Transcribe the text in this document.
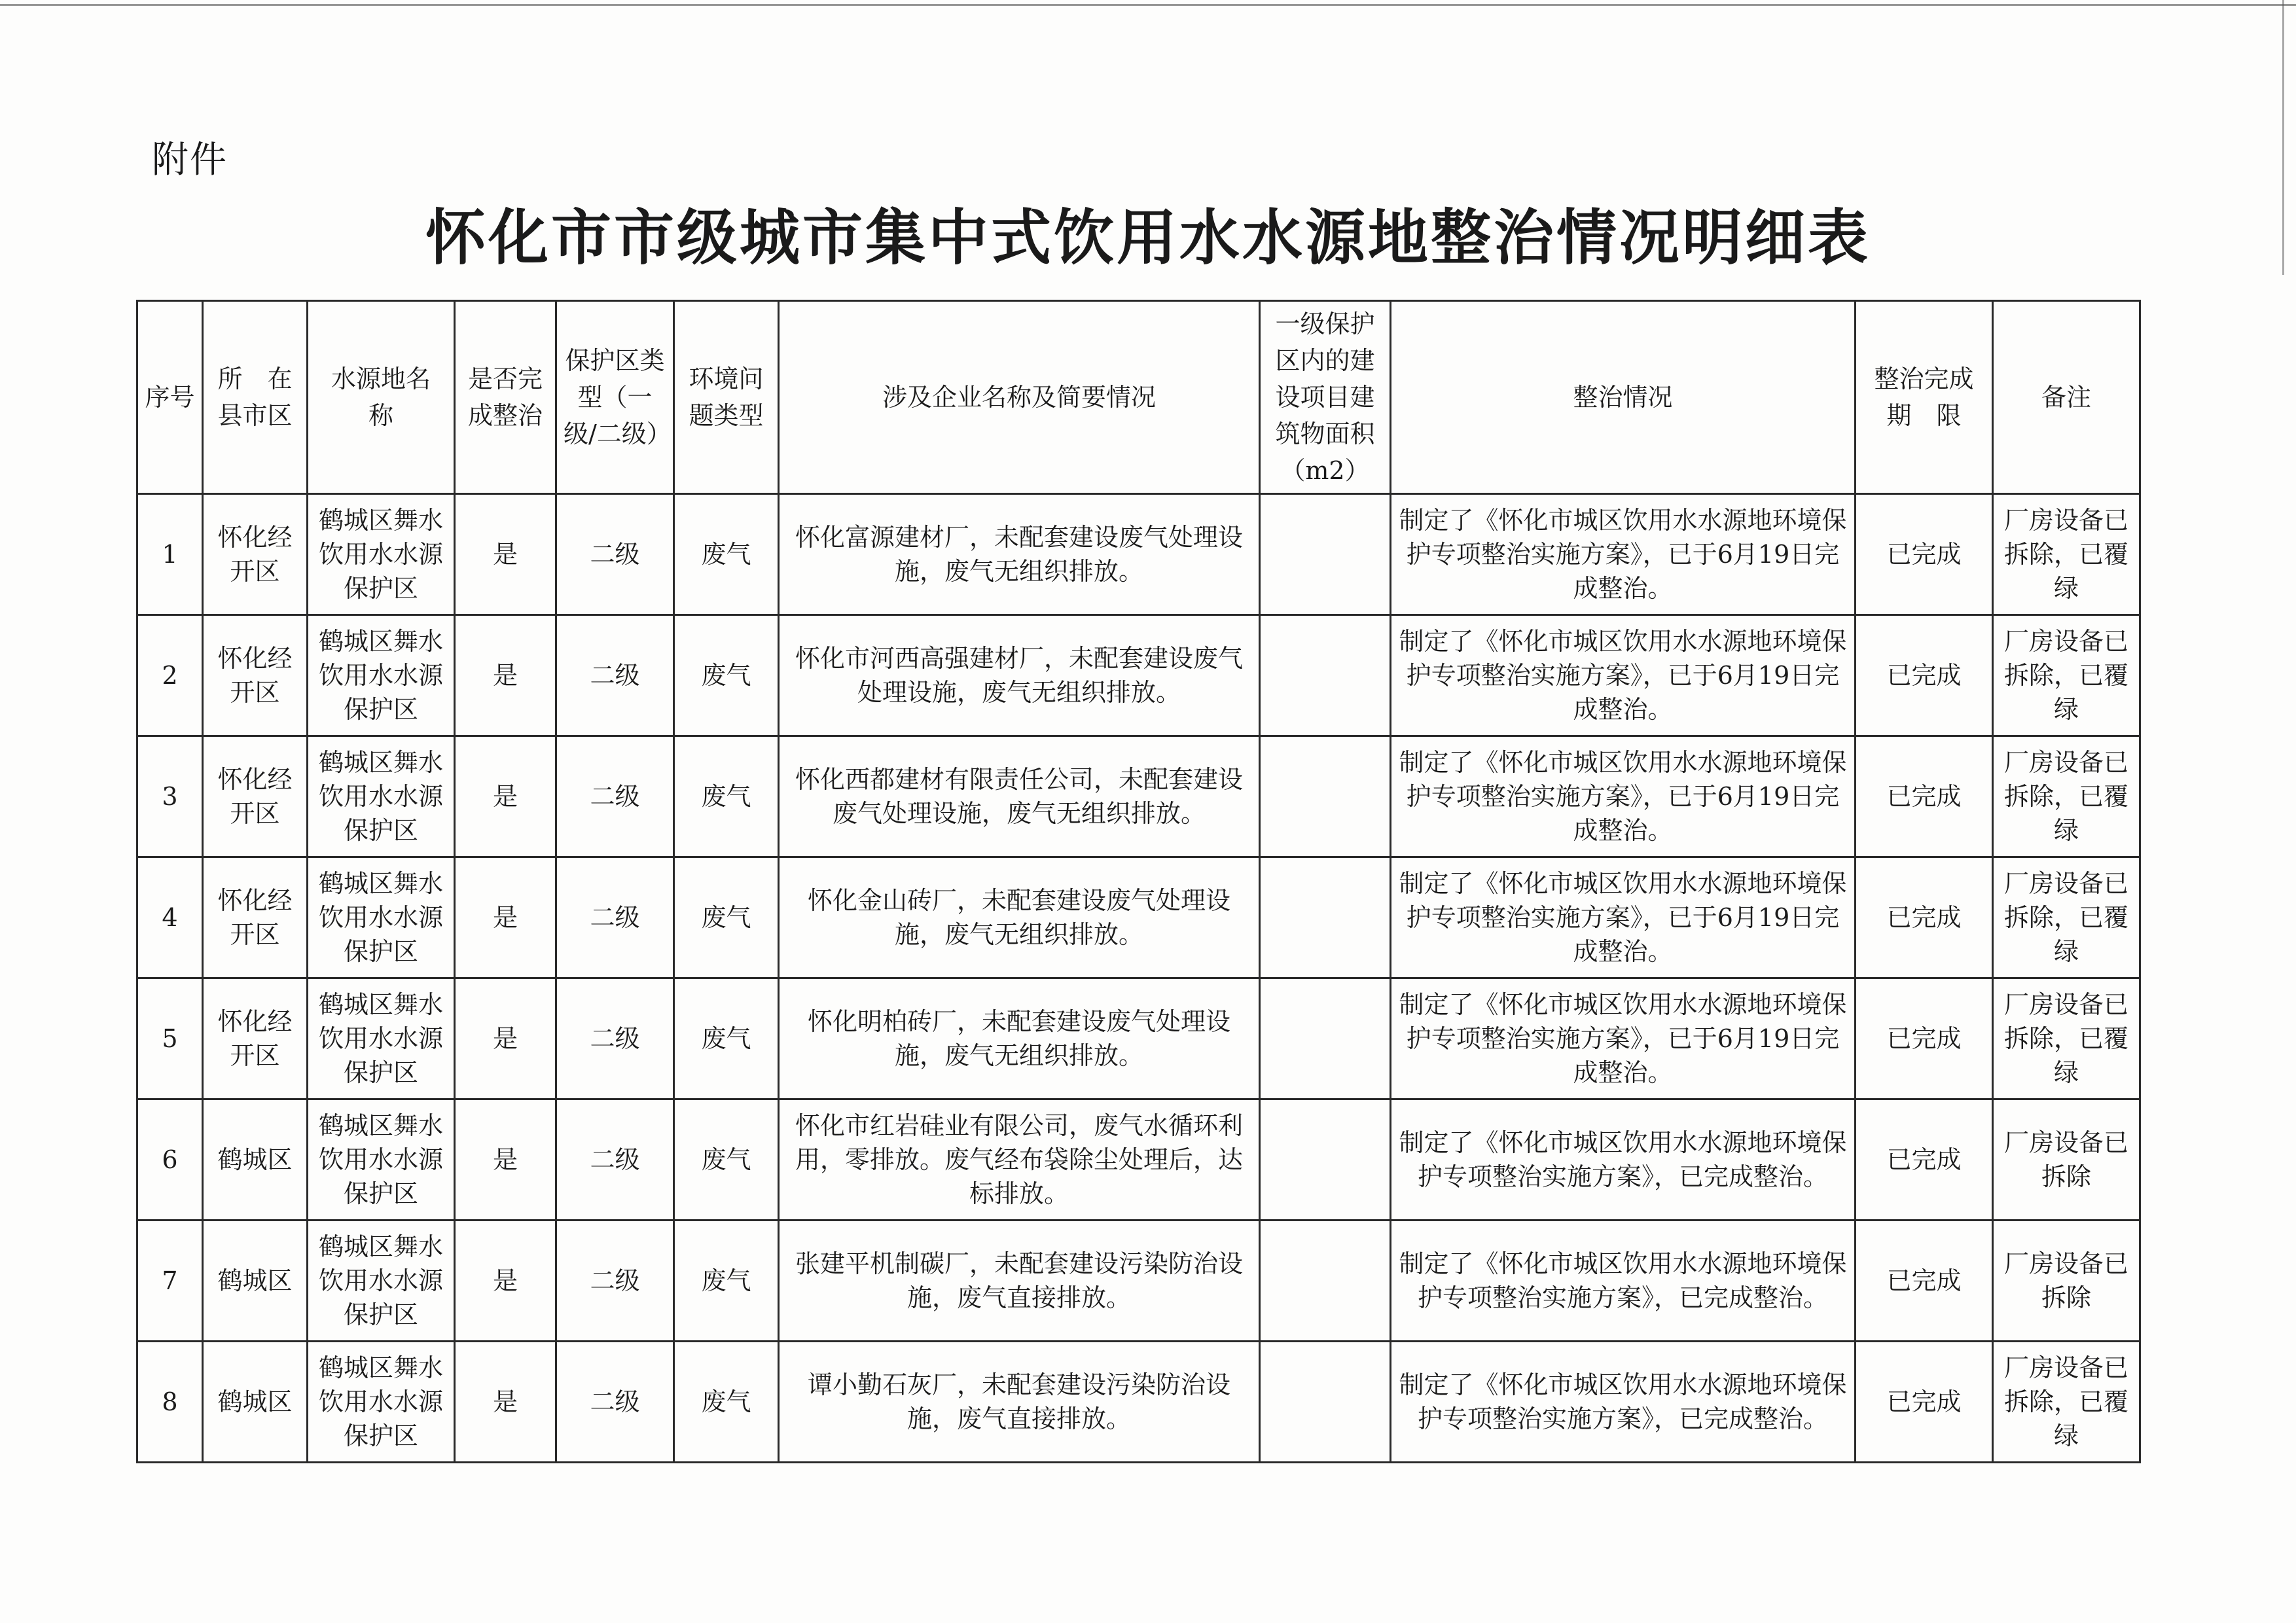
附件
怀化市市级城市集中式饮用水水源地整治情况明细表
序号	所　在县市区	水源地名　称	是否完成整治	保护区类型（一级/二级）	环境问题类型	涉及企业名称及简要情况	一级保护区内的建设项目建筑物面积（m2）	整治情况	整治完成期　限	备注
1	怀化经开区	鹤城区舞水饮用水水源保护区	是	二级	废气	怀化富源建材厂，未配套建设废气处理设施，废气无组织排放。		制定了《怀化市城区饮用水水源地环境保护专项整治实施方案》，已于6月19日完成整治。	已完成	厂房设备已拆除，已覆绿
2	怀化经开区	鹤城区舞水饮用水水源保护区	是	二级	废气	怀化市河西高强建材厂，未配套建设废气处理设施，废气无组织排放。		制定了《怀化市城区饮用水水源地环境保护专项整治实施方案》，已于6月19日完成整治。	已完成	厂房设备已拆除，已覆绿
3	怀化经开区	鹤城区舞水饮用水水源保护区	是	二级	废气	怀化西都建材有限责任公司，未配套建设废气处理设施，废气无组织排放。		制定了《怀化市城区饮用水水源地环境保护专项整治实施方案》，已于6月19日完成整治。	已完成	厂房设备已拆除，已覆绿
4	怀化经开区	鹤城区舞水饮用水水源保护区	是	二级	废气	怀化金山砖厂，未配套建设废气处理设施，废气无组织排放。		制定了《怀化市城区饮用水水源地环境保护专项整治实施方案》，已于6月19日完成整治。	已完成	厂房设备已拆除，已覆绿
5	怀化经开区	鹤城区舞水饮用水水源保护区	是	二级	废气	怀化明柏砖厂，未配套建设废气处理设施，废气无组织排放。		制定了《怀化市城区饮用水水源地环境保护专项整治实施方案》，已于6月19日完成整治。	已完成	厂房设备已拆除，已覆绿
6	鹤城区	鹤城区舞水饮用水水源保护区	是	二级	废气	怀化市红岩硅业有限公司，废气水循环利用，零排放。废气经布袋除尘处理后，达标排放。		制定了《怀化市城区饮用水水源地环境保护专项整治实施方案》，已完成整治。	已完成	厂房设备已拆除
7	鹤城区	鹤城区舞水饮用水水源保护区	是	二级	废气	张建平机制碳厂，未配套建设污染防治设施，废气直接排放。		制定了《怀化市城区饮用水水源地环境保护专项整治实施方案》，已完成整治。	已完成	厂房设备已拆除
8	鹤城区	鹤城区舞水饮用水水源保护区	是	二级	废气	谭小勤石灰厂，未配套建设污染防治设施，废气直接排放。		制定了《怀化市城区饮用水水源地环境保护专项整治实施方案》，已完成整治。	已完成	厂房设备已拆除，已覆绿
